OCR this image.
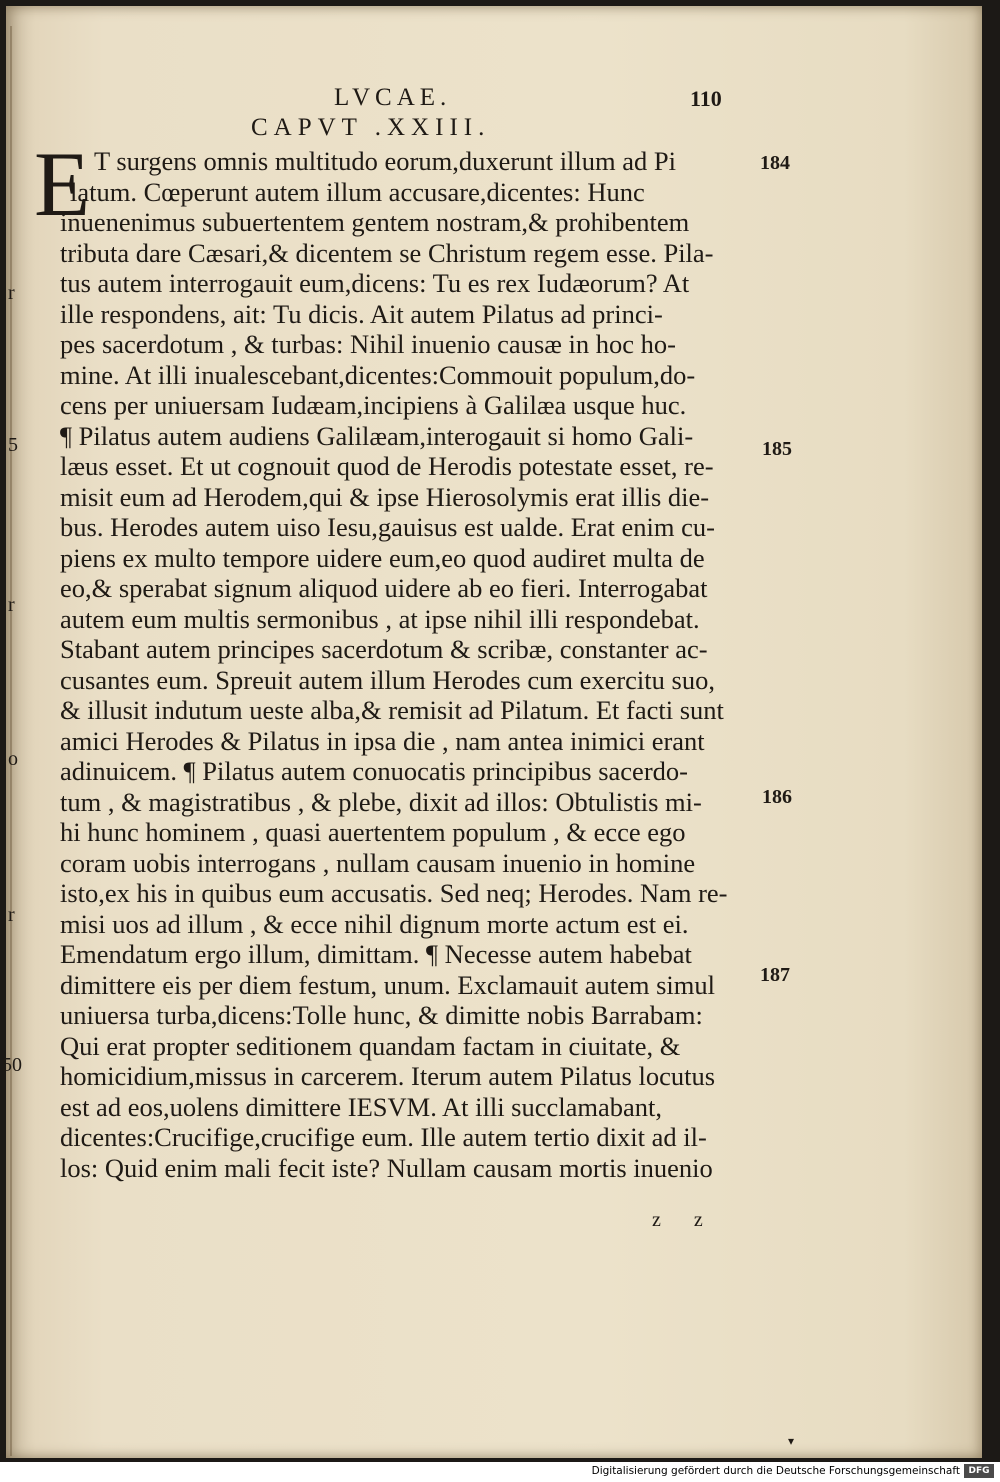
LVCAE.	110
CAPVT .XXIII.
E T surgens omnis multitudo eorum,duxerunt illum ad Pi
latum. Cœperunt autem illum accusare,dicentes: Hunc
inuenenimus subuertentem gentem nostram,& prohibentem
tributa dare Cæsari,& dicentem se Christum regem esse. Pila-
tus autem interrogauit eum,dicens: Tu es rex Iudæorum? At
ille respondens, ait: Tu dicis. Ait autem Pilatus ad princi-
pes sacerdotum , & turbas: Nihil inuenio causæ in hoc ho-
mine. At illi inualescebant,dicentes:Commouit populum,do-
cens per uniuersam Iudæam,incipiens à Galilæa usque huc.
¶ Pilatus autem audiens Galilæam,interogauit si homo Gali-
læus esset. Et ut cognouit quod de Herodis potestate esset, re-
misit eum ad Herodem,qui & ipse Hierosolymis erat illis die-
bus. Herodes autem uiso Iesu,gauisus est ualde. Erat enim cu-
piens ex multo tempore uidere eum,eo quod audiret multa de
eo,& sperabat signum aliquod uidere ab eo fieri. Interrogabat
autem eum multis sermonibus , at ipse nihil illi respondebat.
Stabant autem principes sacerdotum & scribæ, constanter ac-
cusantes eum. Spreuit autem illum Herodes cum exercitu suo,
& illusit indutum ueste alba,& remisit ad Pilatum. Et facti sunt
amici Herodes & Pilatus in ipsa die , nam antea inimici erant
adinuicem. ¶ Pilatus autem conuocatis principibus sacerdo-
tum , & magistratibus , & plebe, dixit ad illos: Obtulistis mi-
hi hunc hominem , quasi auertentem populum , & ecce ego
coram uobis interrogans , nullam causam inuenio in homine
isto,ex his in quibus eum accusatis. Sed neq; Herodes. Nam re-
misi uos ad illum , & ecce nihil dignum morte actum est ei.
Emendatum ergo illum, dimittam. ¶ Necesse autem habebat
dimittere eis per diem festum, unum. Exclamauit autem simul
uniuersa turba,dicens:Tolle hunc, & dimitte nobis Barrabam:
Qui erat propter seditionem quandam factam in ciuitate, &
homicidium,missus in carcerem. Iterum autem Pilatus locutus
est ad eos,uolens dimittere IESVM. At illi succlamabant,
dicentes:Crucifige,crucifige eum. Ille autem tertio dixit ad il-
los: Quid enim mali fecit iste? Nullam causam mortis inuenio
184
185
186
187
r
5
r
o
r
50
z z
▾
Digitalisierung gefördert durch die Deutsche Forschungsgemeinschaft DFG
